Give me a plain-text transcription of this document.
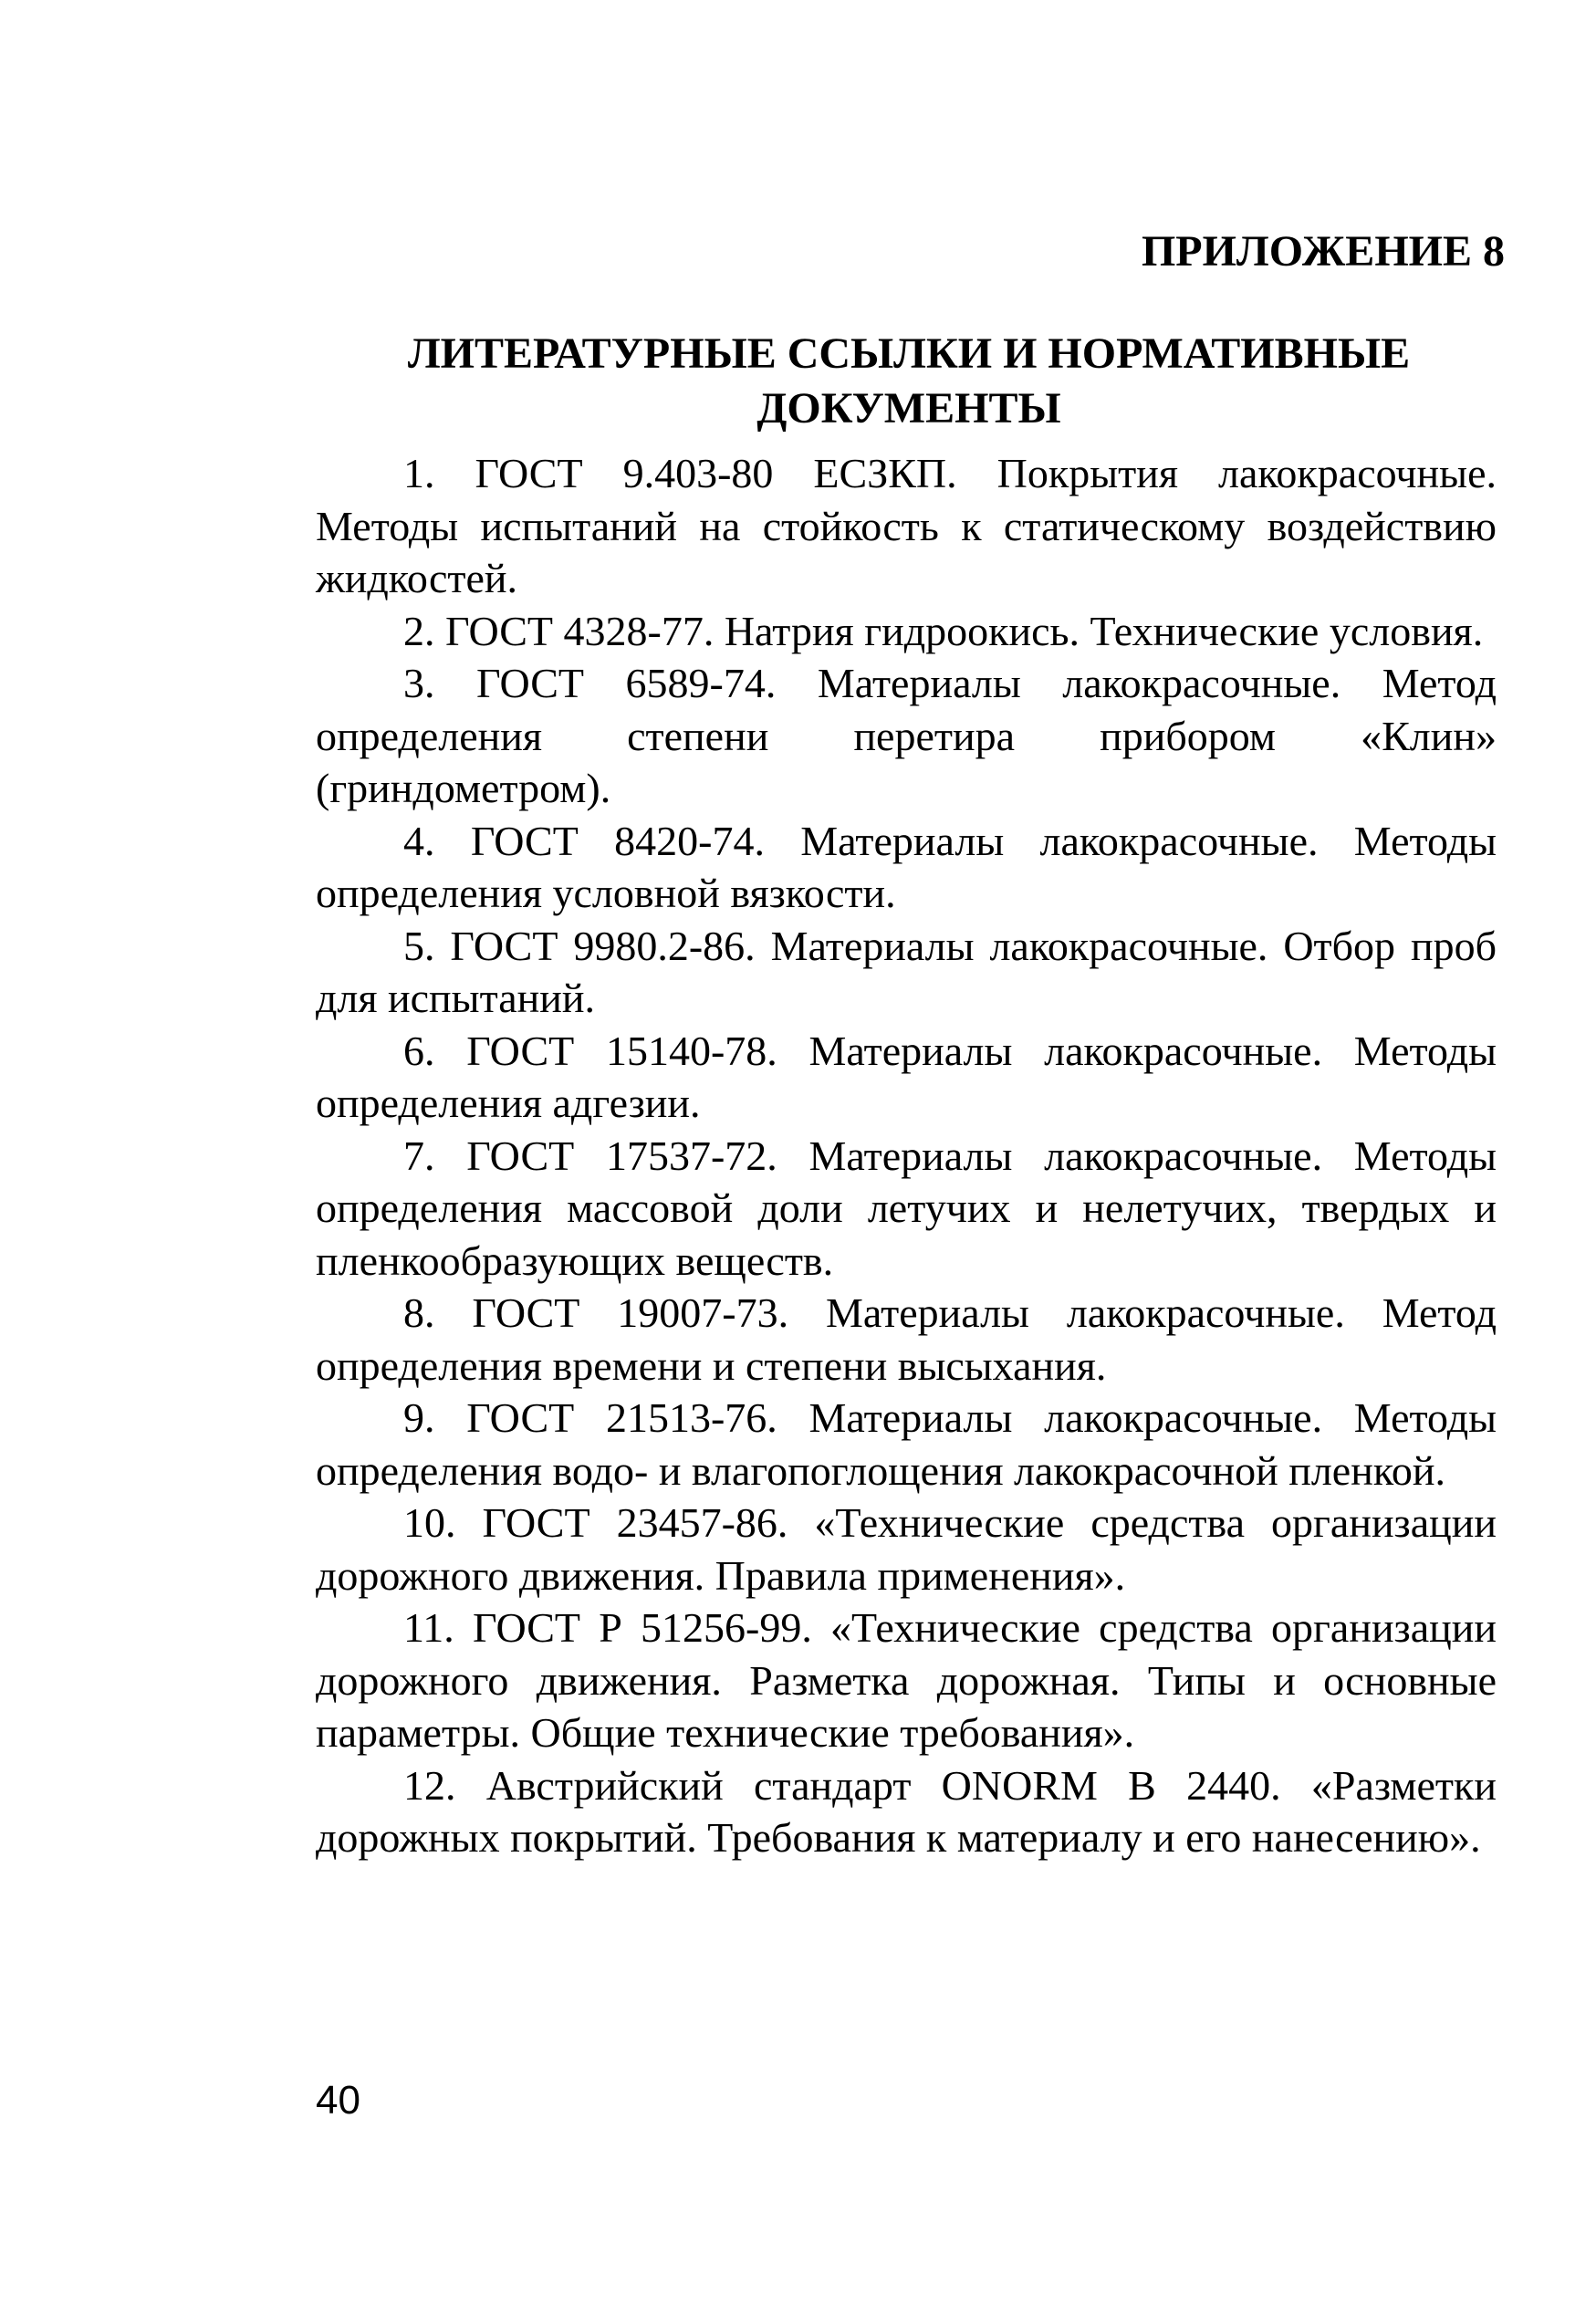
ПРИЛОЖЕНИЕ 8
ЛИТЕРАТУРНЫЕ ССЫЛКИ И НОРМАТИВНЫЕ
ДОКУМЕНТЫ

1. ГОСТ 9.403-80 ЕСЗКП. Покрытия лакокрасочные. Методы испытаний на стойкость к статическому воздействию жидкостей.

2. ГОСТ 4328-77. Натрия гидроокись. Технические условия.

3. ГОСТ 6589-74. Материалы лакокрасочные. Метод определения степени перетира прибором «Клин» (гриндометром).

4. ГОСТ 8420-74. Материалы лакокрасочные. Методы определения условной вязкости.

5. ГОСТ 9980.2-86. Материалы лакокрасочные. Отбор проб для испытаний.

6. ГОСТ 15140-78. Материалы лакокрасочные. Методы определения адгезии.

7. ГОСТ 17537-72. Материалы лакокрасочные. Методы определения массовой доли летучих и нелетучих, твердых и пленкообразующих веществ.

8. ГОСТ 19007-73. Материалы лакокрасочные. Метод определения времени и степени высыхания.

9. ГОСТ 21513-76. Материалы лакокрасочные. Методы определения водо- и влагопоглощения лакокрасочной пленкой.

10. ГОСТ 23457-86. «Технические средства организации дорожного движения. Правила применения».

11. ГОСТ Р 51256-99. «Технические средства организации дорожного движения. Разметка дорожная. Типы и основные параметры. Общие технические требования».

12. Австрийский стандарт ONORM В 2440. «Разметки дорожных покрытий. Требования к материалу и его нанесению».

40
